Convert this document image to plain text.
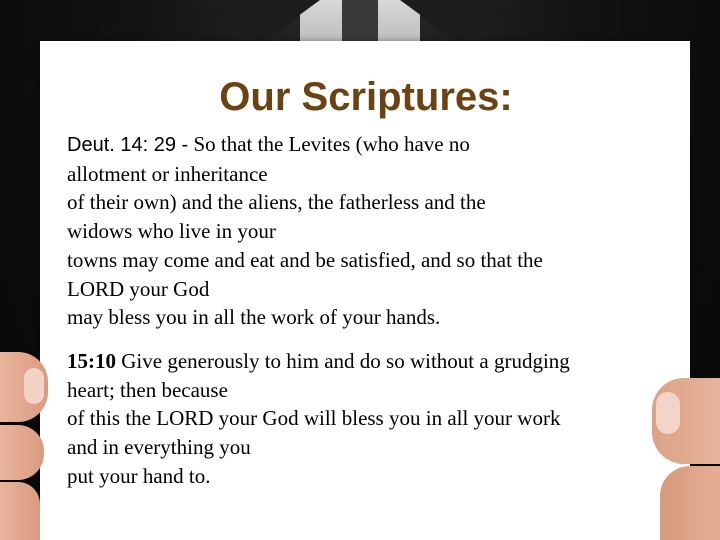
Our Scriptures:

Deut. 14: 29 - So that the Levites (who have no
allotment or inheritance
of their own) and the aliens, the fatherless and the
widows who live in your
towns may come and eat and be satisfied, and so that the
LORD your God
may bless you in all the work of your hands.

15:10 Give generously to him and do so without a grudging
heart; then because
of this the LORD your God will bless you in all your work
and in everything you
put your hand to.
